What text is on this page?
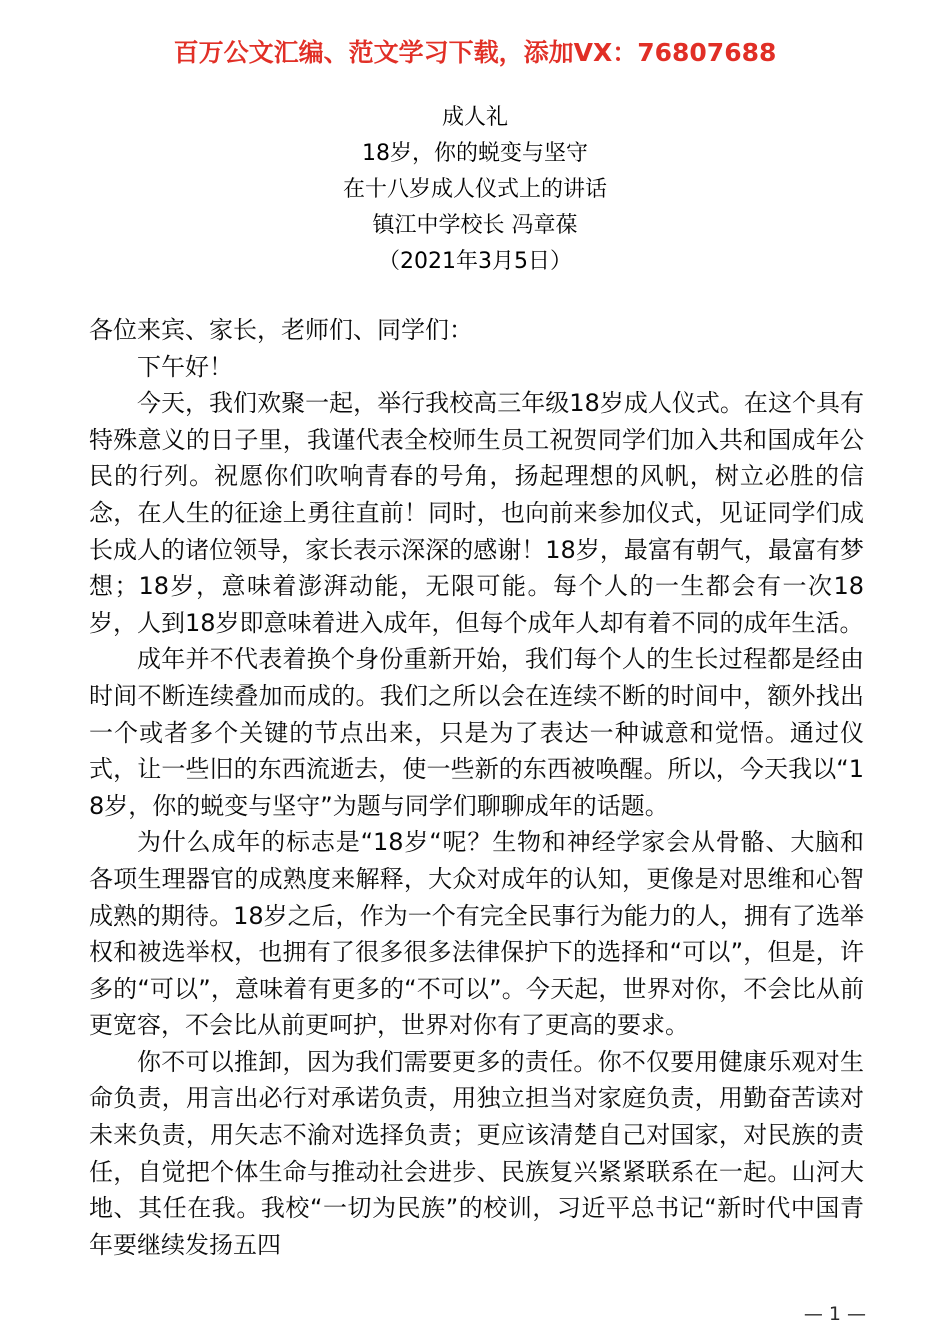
百万公文汇编、范文学习下载，添加VX：76807688
成人礼
18岁，你的蜕变与坚守
在十八岁成人仪式上的讲话
镇江中学校长 冯章葆
（2021年3月5日）

各位来宾、家长，老师们、同学们：

下午好！

今天，我们欢聚一起，举行我校高三年级18岁成人仪式。在这个具有特殊意义的日子里，我谨代表全校师生员工祝贺同学们加入共和国成年公民的行列。祝愿你们吹响青春的号角，扬起理想的风帆，树立必胜的信念，在人生的征途上勇往直前！同时，也向前来参加仪式，见证同学们成长成人的诸位领导，家长表示深深的感谢！18岁，最富有朝气，最富有梦想；18岁，意味着澎湃动能，无限可能。每个人的一生都会有一次18岁，人到18岁即意味着进入成年，但每个成年人却有着不同的成年生活。

成年并不代表着换个身份重新开始，我们每个人的生长过程都是经由时间不断连续叠加而成的。我们之所以会在连续不断的时间中，额外找出一个或者多个关键的节点出来，只是为了表达一种诚意和觉悟。通过仪式，让一些旧的东西流逝去，使一些新的东西被唤醒。所以，今天我以“18岁，你的蜕变与坚守”为题与同学们聊聊成年的话题。

为什么成年的标志是“18岁“呢？生物和神经学家会从骨骼、大脑和各项生理器官的成熟度来解释，大众对成年的认知，更像是对思维和心智成熟的期待。18岁之后，作为一个有完全民事行为能力的人，拥有了选举权和被选举权，也拥有了很多很多法律保护下的选择和“可以”，但是，许多的“可以”，意味着有更多的“不可以”。今天起，世界对你，不会比从前更宽容，不会比从前更呵护，世界对你有了更高的要求。

你不可以推卸，因为我们需要更多的责任。你不仅要用健康乐观对生命负责，用言出必行对承诺负责，用独立担当对家庭负责，用勤奋苦读对未来负责，用矢志不渝对选择负责；更应该清楚自己对国家，对民族的责任，自觉把个体生命与推动社会进步、民族复兴紧紧联系在一起。山河大地、其任在我。我校“一切为民族”的校训，习近平总书记“新时代中国青年要继续发扬五四

— 1 —
